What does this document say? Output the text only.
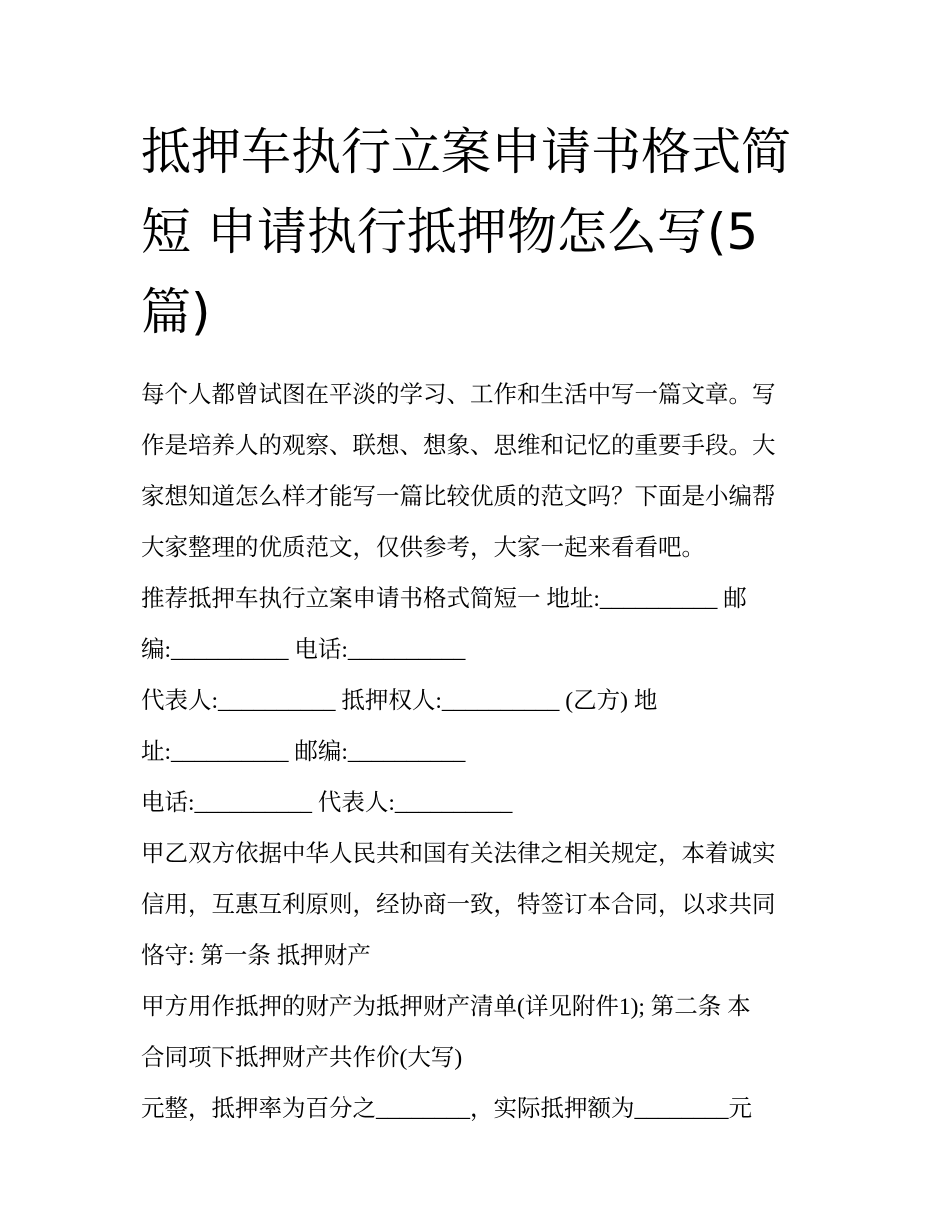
抵押车执行立案申请书格式简
短 申请执行抵押物怎么写(5
篇)

每个人都曾试图在平淡的学习、工作和生活中写一篇文章。写

作是培养人的观察、联想、想象、思维和记忆的重要手段。大

家想知道怎么样才能写一篇比较优质的范文吗？下面是小编帮

大家整理的优质范文，仅供参考，大家一起来看看吧。

推荐抵押车执行立案申请书格式简短一 地址:__________ 邮

编:__________ 电话:__________

代表人:__________ 抵押权人:__________ (乙方) 地

址:__________ 邮编:__________

电话:__________ 代表人:__________

甲乙双方依据中华人民共和国有关法律之相关规定，本着诚实

信用，互惠互利原则，经协商一致，特签订本合同，以求共同

恪守: 第一条 抵押财产

甲方用作抵押的财产为抵押财产清单(详见附件1); 第二条 本

合同项下抵押财产共作价(大写)

元整，抵押率为百分之________，实际抵押额为________元
